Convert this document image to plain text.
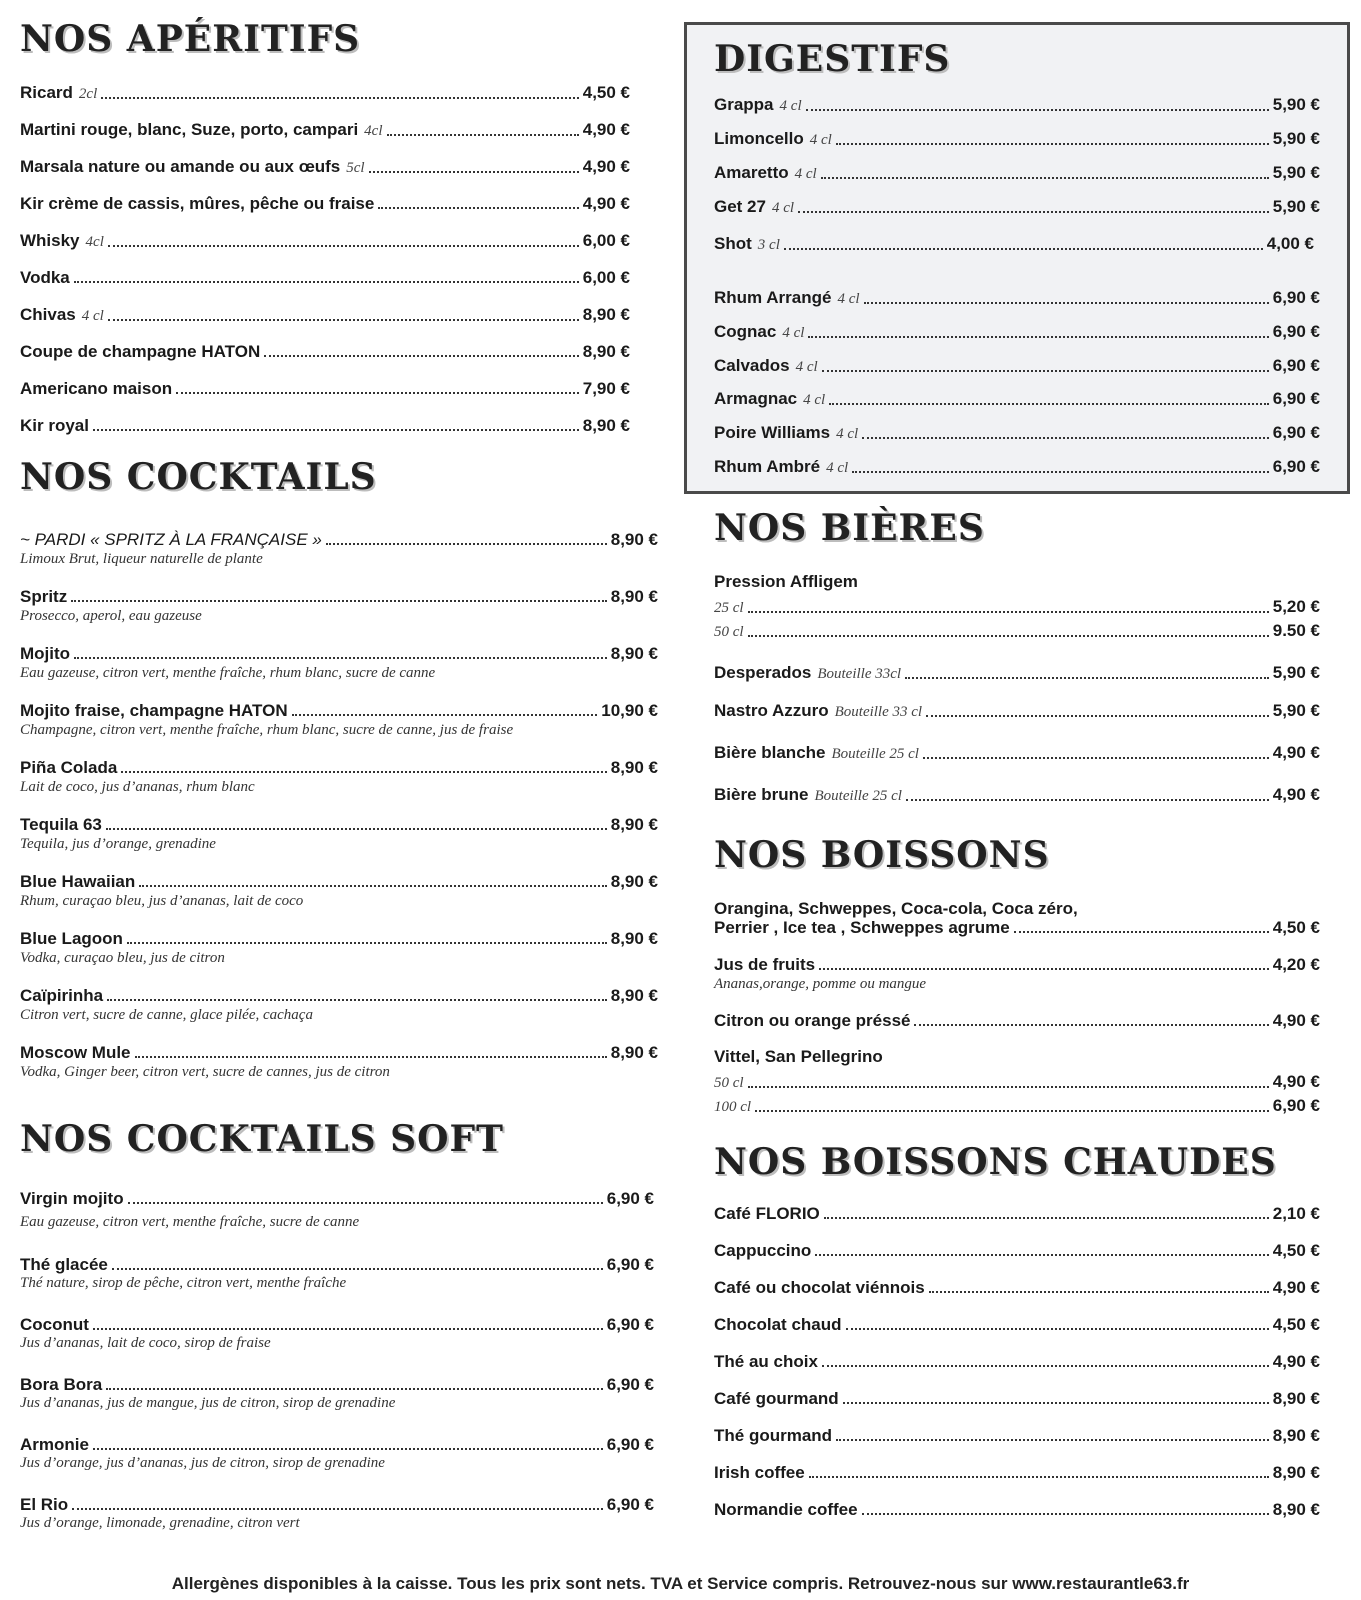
NOS APÉRITIFS
Ricard 2cl	4,50 €
Martini rouge, blanc, Suze, porto, campari 4cl	4,90 €
Marsala nature ou amande ou aux œufs 5cl	4,90 €
Kir crème de cassis, mûres, pêche ou fraise	4,90 €
Whisky 4cl	6,00 €
Vodka	6,00 €
Chivas 4 cl	8,90 €
Coupe de champagne HATON	8,90 €
Americano maison	7,90 €
Kir royal	8,90 €
NOS COCKTAILS
~ PARDI « SPRITZ À LA FRANÇAISE »	8,90 €
Limoux Brut, liqueur naturelle de plante
Spritz	8,90 €
Prosecco, aperol, eau gazeuse
Mojito	8,90 €
Eau gazeuse, citron vert, menthe fraîche, rhum blanc, sucre de canne
Mojito fraise, champagne HATON	10,90 €
Champagne, citron vert, menthe fraîche, rhum blanc, sucre de canne, jus de fraise
Piña Colada	8,90 €
Lait de coco, jus d’ananas, rhum blanc
Tequila 63	8,90 €
Tequila, jus d’orange, grenadine
Blue Hawaiian	8,90 €
Rhum, curaçao bleu, jus d’ananas, lait de coco
Blue Lagoon	8,90 €
Vodka, curaçao bleu, jus de citron
Caïpirinha	8,90 €
Citron vert, sucre de canne, glace pilée, cachaça
Moscow Mule	8,90 €
Vodka, Ginger beer, citron vert, sucre de cannes, jus de citron
NOS COCKTAILS SOFT
Virgin mojito	6,90 €
Eau gazeuse, citron vert, menthe fraîche, sucre de canne
Thé glacée	6,90 €
Thé nature, sirop de pêche, citron vert, menthe fraîche
Coconut	6,90 €
Jus d’ananas, lait de coco, sirop de fraise
Bora Bora	6,90 €
Jus d’ananas, jus de mangue, jus de citron, sirop de grenadine
Armonie	6,90 €
Jus d’orange, jus d’ananas, jus de citron, sirop de grenadine
El Rio	6,90 €
Jus d’orange, limonade, grenadine, citron vert
DIGESTIFS
Grappa 4 cl	5,90 €
Limoncello 4 cl	5,90 €
Amaretto 4 cl	5,90 €
Get 27 4 cl	5,90 €
Shot 3 cl	4,00 €
Rhum Arrangé 4 cl	6,90 €
Cognac 4 cl	6,90 €
Calvados 4 cl	6,90 €
Armagnac 4 cl	6,90 €
Poire Williams 4 cl	6,90 €
Rhum Ambré 4 cl	6,90 €
NOS BIÈRES
Pression Affligem
25 cl	5,20 €
50 cl	9.50 €
Desperados Bouteille 33cl	5,90 €
Nastro Azzuro Bouteille 33 cl	5,90 €
Bière blanche Bouteille 25 cl	4,90 €
Bière brune Bouteille 25 cl	4,90 €
NOS BOISSONS
Orangina, Schweppes, Coca-cola, Coca zéro,
Perrier , Ice tea , Schweppes agrume	4,50 €
Jus de fruits	4,20 €
Ananas,orange, pomme ou mangue
Citron ou orange préssé	4,90 €
Vittel, San Pellegrino
50 cl	4,90 €
100 cl	6,90 €
NOS BOISSONS CHAUDES
Café FLORIO	2,10 €
Cappuccino	4,50 €
Café ou chocolat viénnois	4,90 €
Chocolat chaud	4,50 €
Thé au choix	4,90 €
Café gourmand	8,90 €
Thé gourmand	8,90 €
Irish coffee	8,90 €
Normandie coffee	8,90 €
Allergènes disponibles à la caisse. Tous les prix sont nets. TVA et Service compris. Retrouvez-nous sur www.restaurantle63.fr
